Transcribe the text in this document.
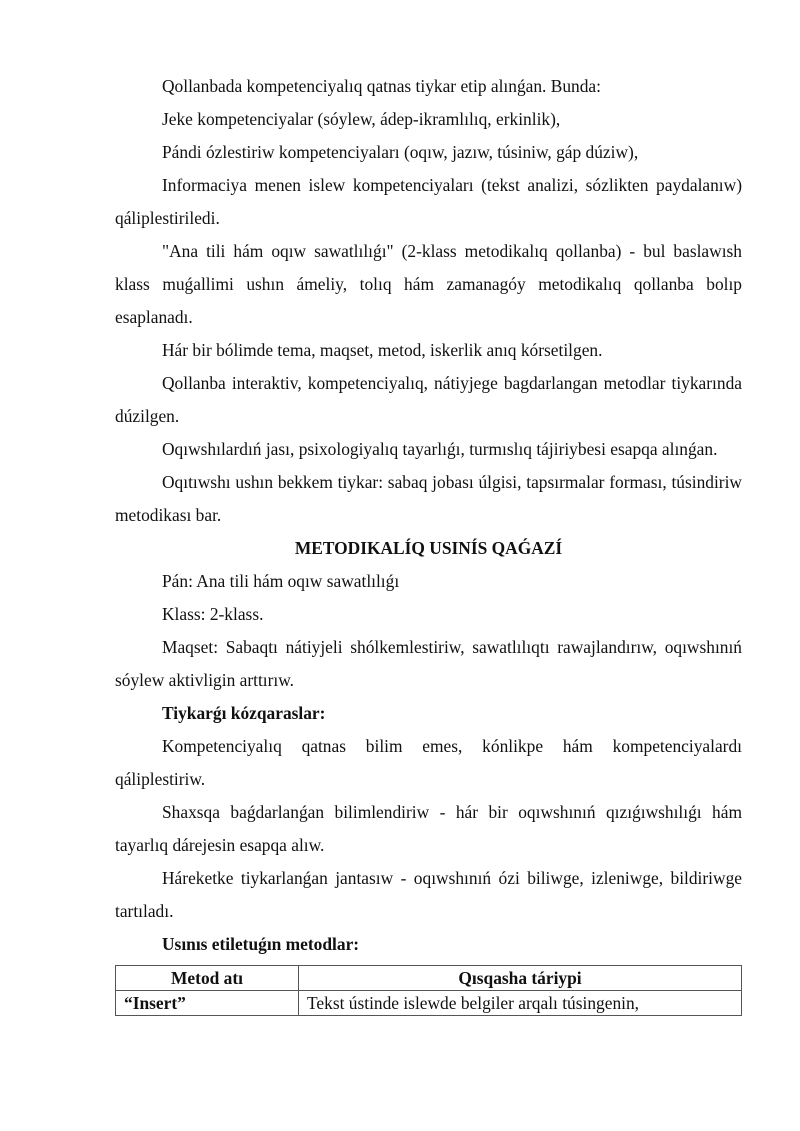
Qollanbada kompetenciyalıq qatnas tiykar etip alınǵan. Bunda:

Jeke kompetenciyalar (sóylew, ádep-ikramlılıq, erkinlik),

Pándi ózlestiriw kompetenciyaları (oqıw, jazıw, túsiniw, gáp dúziw),

Informaciya menen islew kompetenciyaları (tekst analizi, sózlikten paydalanıw) qáliplestiriledi.

"Ana tili hám oqıw sawatlılıǵı" (2-klass metodikalıq qollanba) - bul baslawısh klass muǵallimi ushın ámeliy, tolıq hám zamanagóy metodikalıq qollanba bolıp esaplanadı.

Hár bir bólimde tema, maqset, metod, iskerlik anıq kórsetilgen.

Qollanba interaktiv, kompetenciyalıq, nátiyjege bagdarlangan metodlar tiykarında dúzilgen.

Oqıwshılardıń jası, psixologiyalıq tayarlıǵı, turmıslıq tájiriybesi esapqa alınǵan.

Oqıtıwshı ushın bekkem tiykar: sabaq jobası úlgisi, tapsırmalar forması, túsindiriw metodikası bar.

METODIKALÍQ USINÍS QAǴAZÍ

Pán: Ana tili hám oqıw sawatlılıǵı

Klass: 2-klass.

Maqset: Sabaqtı nátiyjeli shólkemlestiriw, sawatlılıqtı rawajlandırıw, oqıwshınıń sóylew aktivligin arttırıw.

Tiykarǵı kózqaraslar:

Kompetenciyalıq qatnas bilim emes, kónlikpe hám kompetenciyalardı qáliplestiriw.

Shaxsqa baǵdarlanǵan bilimlendiriw - hár bir oqıwshınıń qızıǵıwshılıǵı hám tayarlıq dárejesin esapqa alıw.

Háreketke tiykarlanǵan jantasıw - oqıwshınıń ózi biliwge, izleniwge, bildiriwge tartıladı.

Usınıs etiletuǵın metodlar:

Metod atı	Qısqasha táriypi
“Insert”	Tekst ústinde islewde belgiler arqalı túsingenin,
